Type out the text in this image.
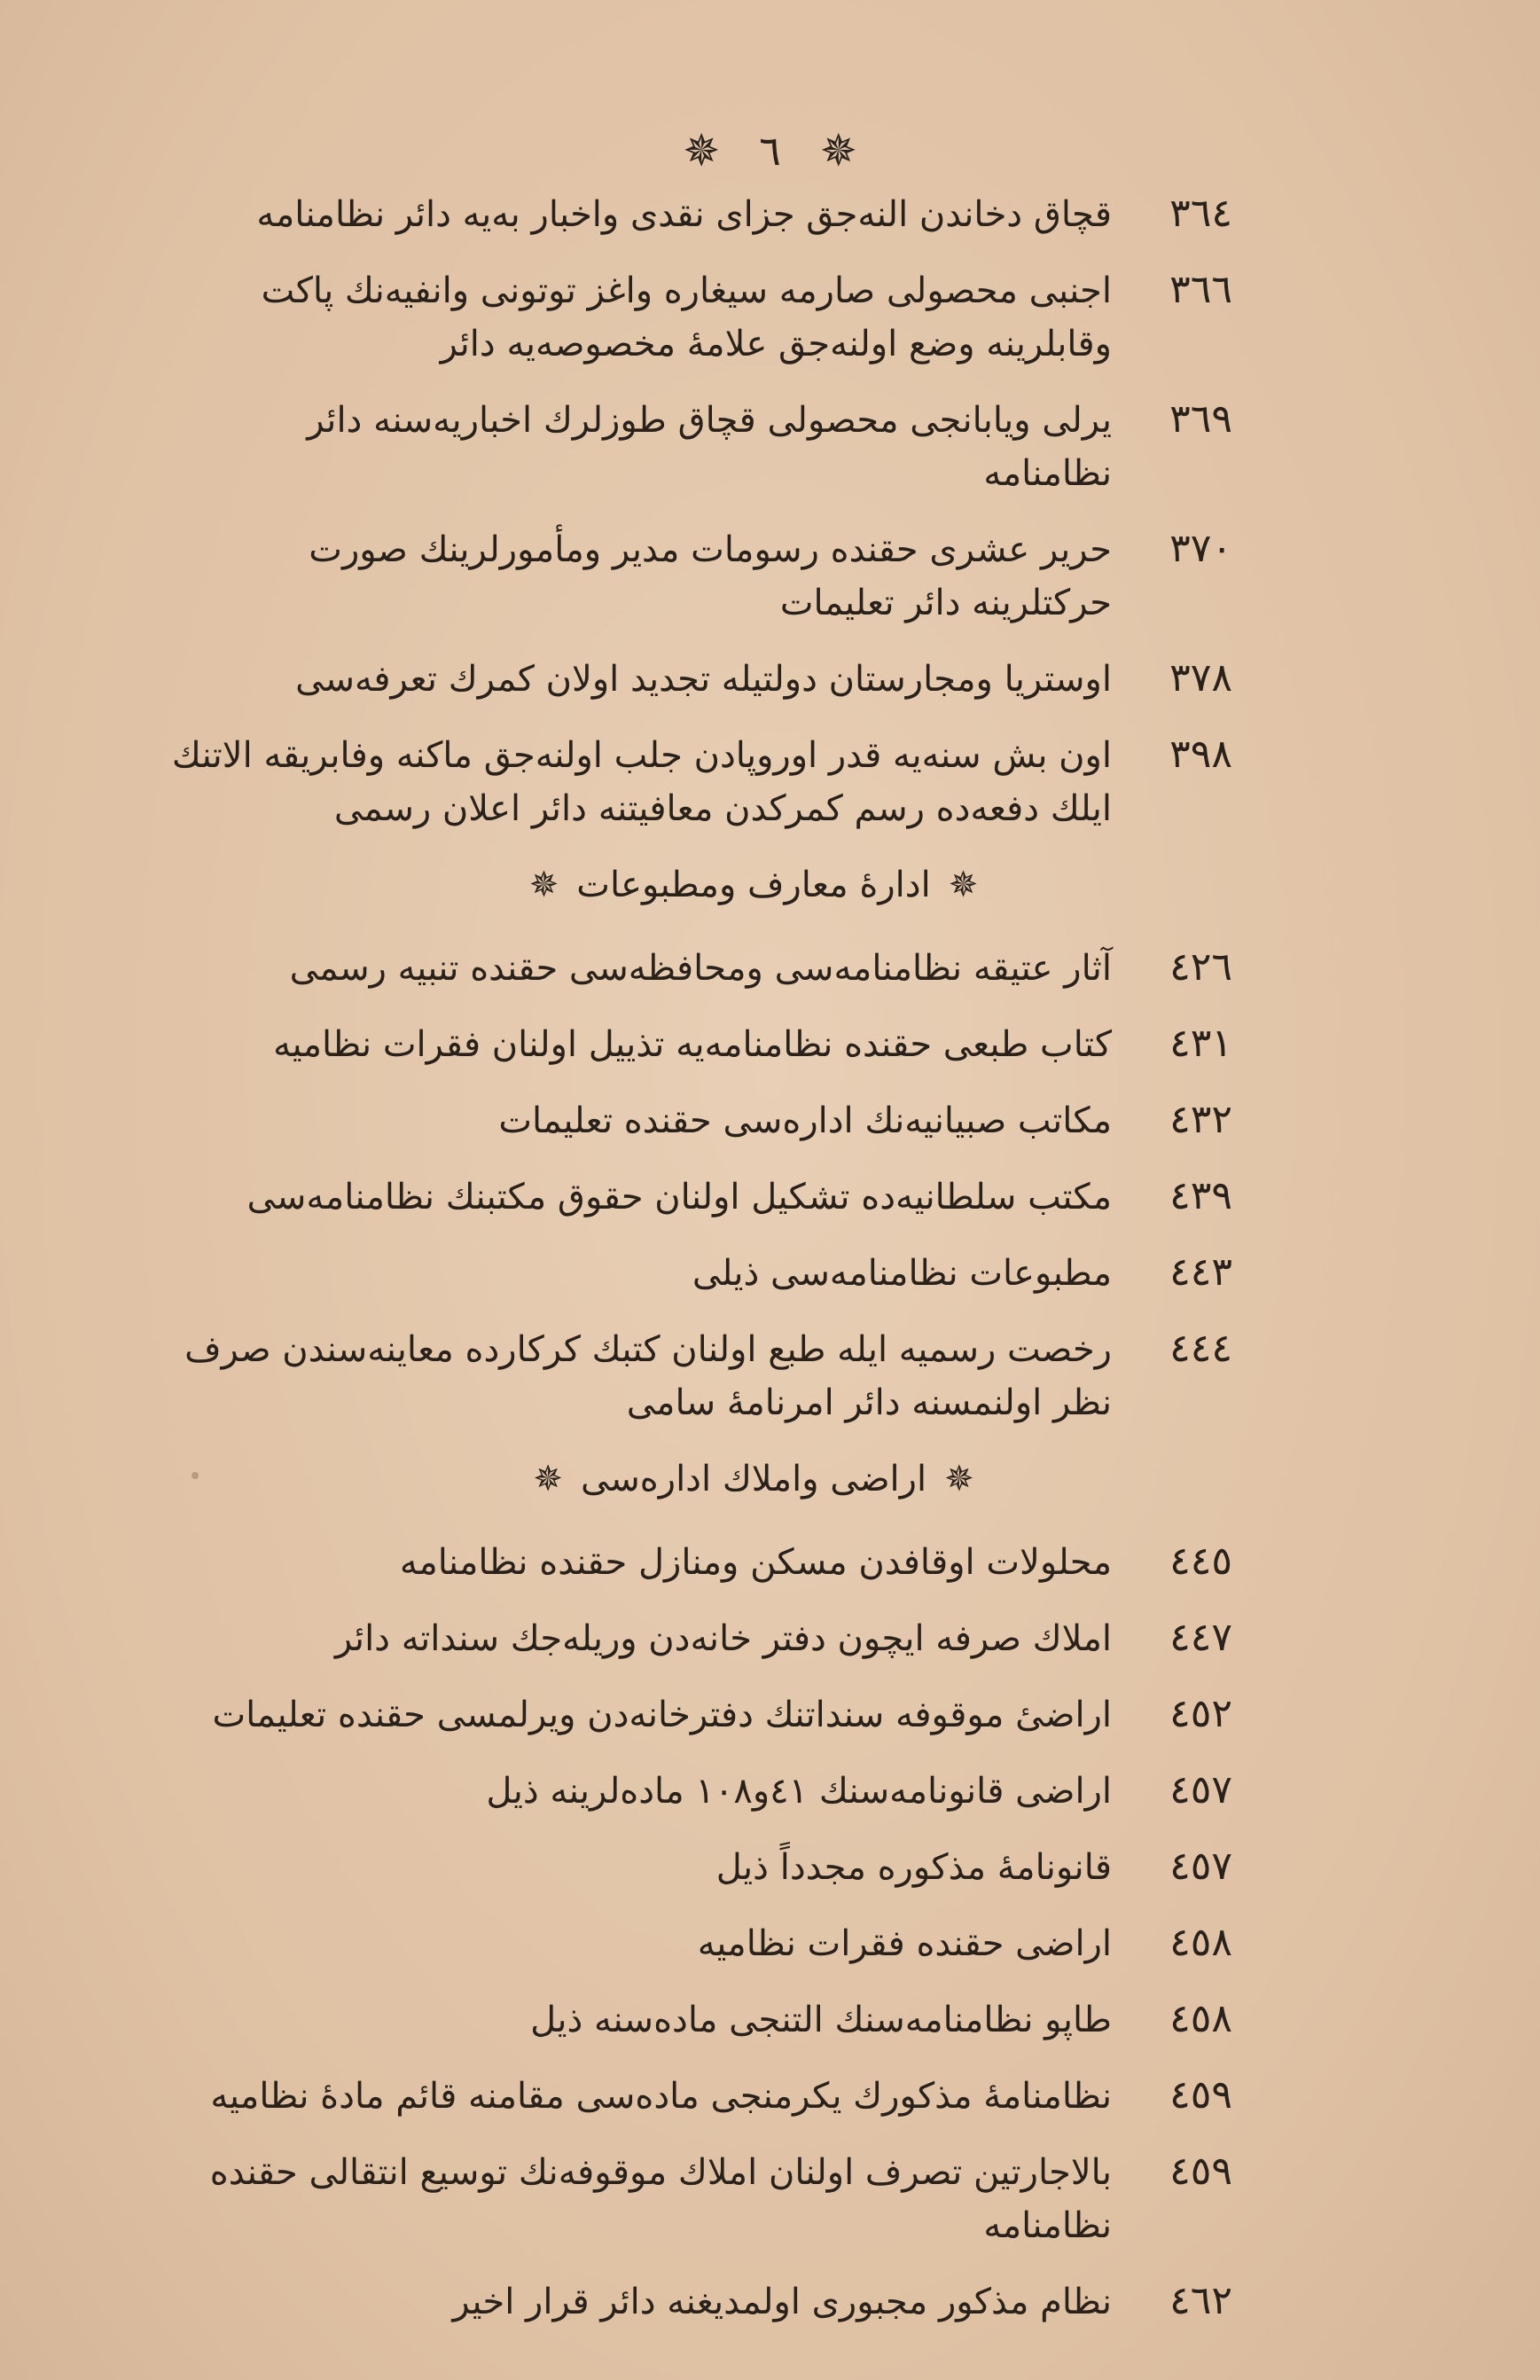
✵
٦
✵
٣٦٤
قچاق دخاندن النه‌جق جزای نقدی واخبار به‌یه دائر نظامنامه
٣٦٦
اجنبی محصولی صارمه سیغاره واغز توتونی وانفیه‌نك پاكت وقابلرینه وضع اولنه‌جق علامهٔ مخصوصه‌یه دائر
٣٦٩
یرلی ویابانجی محصولی قچاق طوزلرك اخباریه‌سنه دائر نظامنامه
٣٧٠
حریر عشری حقنده رسومات مدیر ومأمورلرینك صورت حركتلرینه دائر تعلیمات
٣٧٨
اوستریا ومجارستان دولتیله تجدید اولان كمرك تعرفه‌سی
٣٩٨
اون بش سنه‌یه قدر اوروپادن جلب اولنه‌جق ماكنه وفابریقه الاتنك ایلك دفعه‌ده رسم كمركدن معافیتنه دائر اعلان رسمی
✵
ادارهٔ معارف ومطبوعات
✵
٤٢٦
آثار عتیقه نظامنامه‌سی ومحافظه‌سی حقنده تنبیه رسمی
٤٣١
كتاب طبعی حقنده نظامنامه‌یه تذییل اولنان فقرات نظامیه
٤٣٢
مكاتب صبیانیه‌نك اداره‌سی حقنده تعلیمات
٤٣٩
مكتب سلطانیه‌ده تشكیل اولنان حقوق مكتبنك نظامنامه‌سی
٤٤٣
مطبوعات نظامنامه‌سی ذیلی
٤٤٤
رخصت رسمیه ایله طبع اولنان كتبك كركارده معاینه‌سندن صرف نظر اولنمسنه دائر امرنامهٔ سامی
✵
اراضی واملاك اداره‌سی
✵
٤٤٥
محلولات اوقافدن مسكن ومنازل حقنده نظامنامه
٤٤٧
املاك صرفه ایچون دفتر خانه‌دن وریله‌جك سنداته دائر
٤٥٢
اراضیٔ موقوفه سنداتنك دفترخانه‌دن ویرلمسی حقنده تعلیمات
٤٥٧
اراضی قانونامه‌سنك ٤١و١٠٨ ماده‌لرینه ذیل
٤٥٧
قانونامهٔ مذكوره مجدداً ذیل
٤٥٨
اراضی حقنده فقرات نظامیه
٤٥٨
طاپو نظامنامه‌سنك التنجی ماده‌سنه ذیل
٤٥٩
نظامنامهٔ مذكورك یكرمنجی ماده‌سی مقامنه قائم مادهٔ نظامیه
٤٥٩
بالاجارتین تصرف اولنان املاك موقوفه‌نك توسیع انتقالی حقنده نظامنامه
٤٦٢
نظام مذكور مجبوری اولمدیغنه دائر قرار اخیر
